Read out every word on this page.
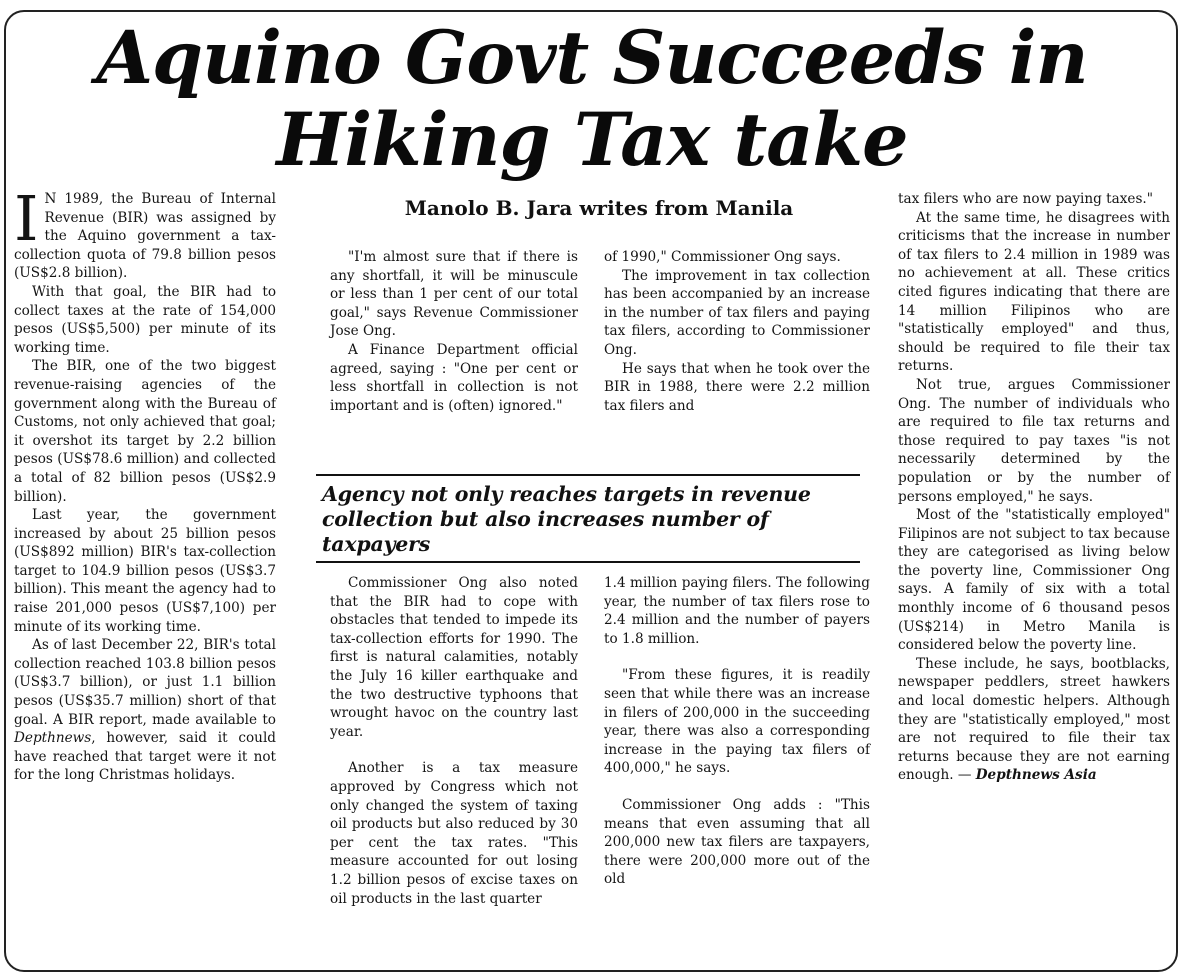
Aquino Govt Succeeds in
Hiking Tax take
Manolo B. Jara writes from Manila

I N 1989, the Bureau of Internal Revenue (BIR) was assigned by the Aquino government a tax-collection quota of 79.8 billion pesos (US$2.8 billion).

With that goal, the BIR had to collect taxes at the rate of 154,000 pesos (US$5,500) per minute of its working time.

The BIR, one of the two biggest revenue-raising agencies of the government along with the Bureau of Customs, not only achieved that goal; it overshot its target by 2.2 billion pesos (US$78.6 million) and collected a total of 82 billion pesos (US$2.9 billion).

Last year, the government increased by about 25 billion pesos (US$892 million) BIR's tax-collection target to 104.9 billion pesos (US$3.7 billion). This meant the agency had to raise 201,000 pesos (US$7,100) per minute of its working time.

As of last December 22, BIR's total collection reached 103.8 billion pesos (US$3.7 billion), or just 1.1 billion pesos (US$35.7 million) short of that goal. A BIR report, made available to Depthnews, however, said it could have reached that target were it not for the long Christmas holidays.

"I'm almost sure that if there is any shortfall, it will be minuscule or less than 1 per cent of our total goal," says Revenue Commissioner Jose Ong.

A Finance Department official agreed, saying : "One per cent or less shortfall in collection is not important and is (often) ignored."

of 1990," Commissioner Ong says.

The improvement in tax collection has been accompanied by an increase in the number of tax filers and paying tax filers, according to Commissioner Ong.

He says that when he took over the BIR in 1988, there were 2.2 million tax filers and

Agency not only reaches targets in revenue collection but also increases number of taxpayers

Commissioner Ong also noted that the BIR had to cope with obstacles that tended to impede its tax-collection efforts for 1990. The first is natural calamities, notably the July 16 killer earthquake and the two destructive typhoons that wrought havoc on the country last year.

Another is a tax measure approved by Congress which not only changed the system of taxing oil products but also reduced by 30 per cent the tax rates. "This measure accounted for out losing 1.2 billion pesos of excise taxes on oil products in the last quarter

1.4 million paying filers. The following year, the number of tax filers rose to 2.4 million and the number of payers to 1.8 million.

"From these figures, it is readily seen that while there was an increase in filers of 200,000 in the succeeding year, there was also a corresponding increase in the paying tax filers of 400,000," he says.

Commissioner Ong adds : "This means that even assuming that all 200,000 new tax filers are taxpayers, there were 200,000 more out of the old

tax filers who are now paying taxes."

At the same time, he disagrees with criticisms that the increase in number of tax filers to 2.4 million in 1989 was no achievement at all. These critics cited figures indicating that there are 14 million Filipinos who are "statistically employed" and thus, should be required to file their tax returns.

Not true, argues Commissioner Ong. The number of individuals who are required to file tax returns and those required to pay taxes "is not necessarily determined by the population or by the number of persons employed," he says.

Most of the "statistically employed" Filipinos are not subject to tax because they are categorised as living below the poverty line, Commissioner Ong says. A family of six with a total monthly income of 6 thousand pesos (US$214) in Metro Manila is considered below the poverty line.

These include, he says, bootblacks, newspaper peddlers, street hawkers and local domestic helpers. Although they are "statistically employed," most are not required to file their tax returns because they are not earning enough. — Depthnews Asia
